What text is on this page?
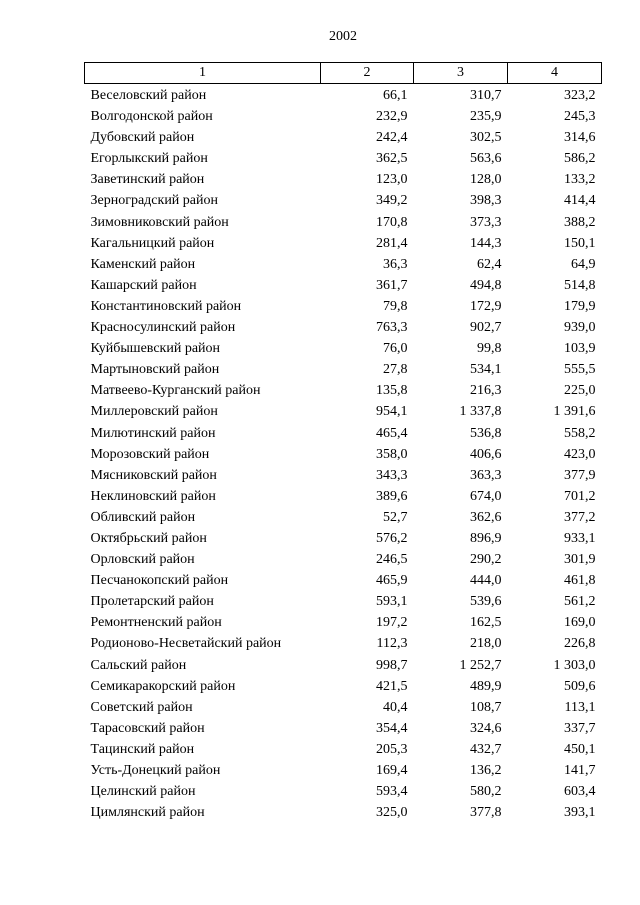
2002
1	2	3	4
Веселовский район	66,1	310,7	323,2
Волгодонской район	232,9	235,9	245,3
Дубовский район	242,4	302,5	314,6
Егорлыкский район	362,5	563,6	586,2
Заветинский район	123,0	128,0	133,2
Зерноградский район	349,2	398,3	414,4
Зимовниковский район	170,8	373,3	388,2
Кагальницкий район	281,4	144,3	150,1
Каменский район	36,3	62,4	64,9
Кашарский район	361,7	494,8	514,8
Константиновский район	79,8	172,9	179,9
Красносулинский район	763,3	902,7	939,0
Куйбышевский район	76,0	99,8	103,9
Мартыновский район	27,8	534,1	555,5
Матвеево-Курганский район	135,8	216,3	225,0
Миллеровский район	954,1	1 337,8	1 391,6
Милютинский район	465,4	536,8	558,2
Морозовский район	358,0	406,6	423,0
Мясниковский район	343,3	363,3	377,9
Неклиновский район	389,6	674,0	701,2
Обливский район	52,7	362,6	377,2
Октябрьский район	576,2	896,9	933,1
Орловский район	246,5	290,2	301,9
Песчанокопский район	465,9	444,0	461,8
Пролетарский район	593,1	539,6	561,2
Ремонтненский район	197,2	162,5	169,0
Родионово-Несветайский район	112,3	218,0	226,8
Сальский район	998,7	1 252,7	1 303,0
Семикаракорский район	421,5	489,9	509,6
Советский район	40,4	108,7	113,1
Тарасовский район	354,4	324,6	337,7
Тацинский район	205,3	432,7	450,1
Усть-Донецкий район	169,4	136,2	141,7
Целинский район	593,4	580,2	603,4
Цимлянский район	325,0	377,8	393,1
